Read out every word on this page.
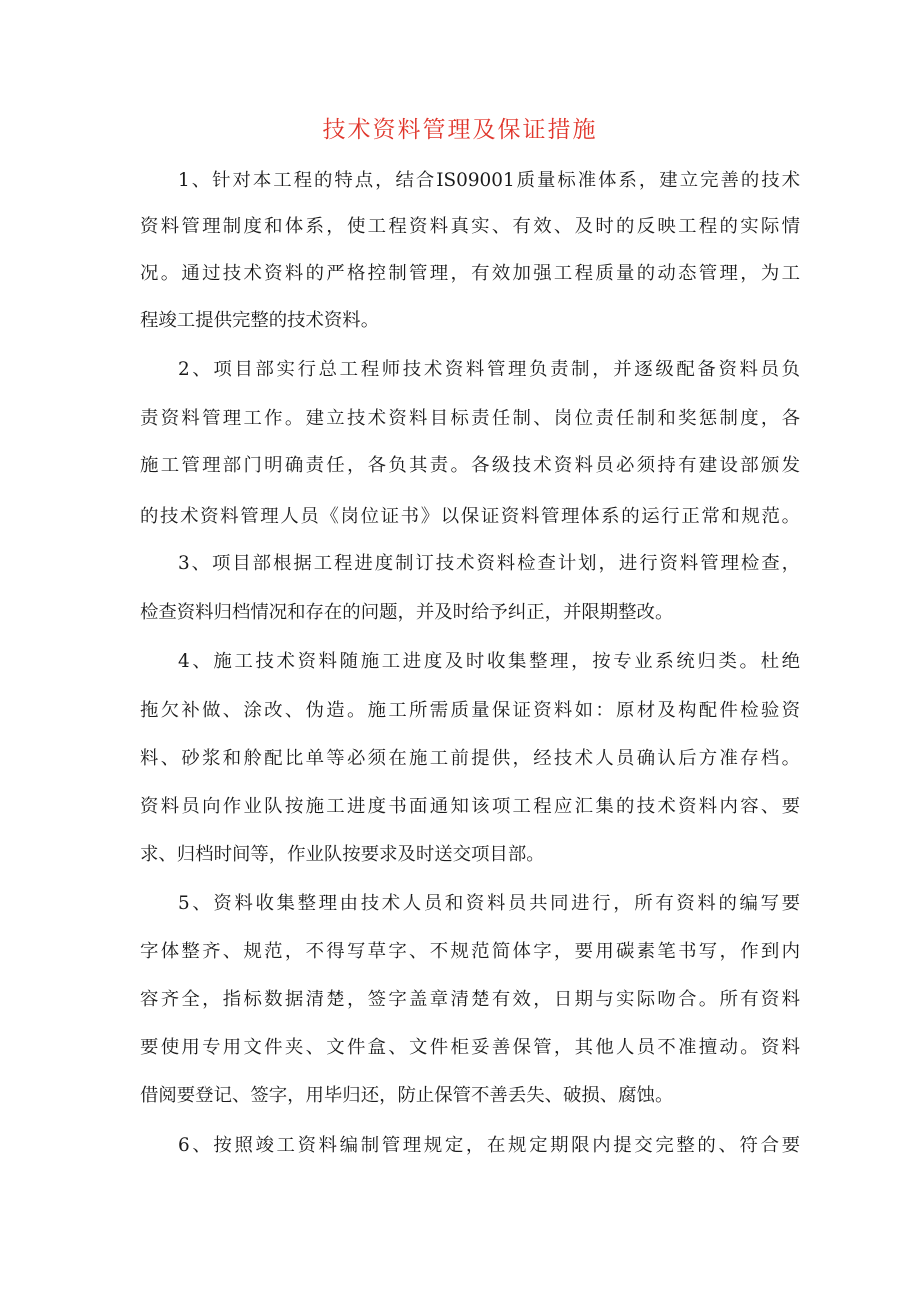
技术资料管理及保证措施
1、针对本工程的特点，结合IS09001质量标准体系，建立完善的技术
资料管理制度和体系，使工程资料真实、有效、及时的反映工程的实际情
况。通过技术资料的严格控制管理，有效加强工程质量的动态管理，为工
程竣工提供完整的技术资料。
2、项目部实行总工程师技术资料管理负责制，并逐级配备资料员负
责资料管理工作。建立技术资料目标责任制、岗位责任制和奖惩制度，各
施工管理部门明确责任，各负其责。各级技术资料员必须持有建设部颁发
的技术资料管理人员《岗位证书》以保证资料管理体系的运行正常和规范。
3、项目部根据工程进度制订技术资料检查计划，进行资料管理检查，
检查资料归档情况和存在的问题，并及时给予纠正，并限期整改。
4、施工技术资料随施工进度及时收集整理，按专业系统归类。杜绝
拖欠补做、涂改、伪造。施工所需质量保证资料如：原材及构配件检验资
料、砂浆和舲配比单等必须在施工前提供，经技术人员确认后方准存档。
资料员向作业队按施工进度书面通知该项工程应汇集的技术资料内容、要
求、归档时间等，作业队按要求及时送交项目部。
5、资料收集整理由技术人员和资料员共同进行，所有资料的编写要
字体整齐、规范，不得写草字、不规范简体字，要用碳素笔书写，作到内
容齐全，指标数据清楚，签字盖章清楚有效，日期与实际吻合。所有资料
要使用专用文件夹、文件盒、文件柜妥善保管，其他人员不准擅动。资料
借阅要登记、签字，用毕归还，防止保管不善丢失、破损、腐蚀。
6、按照竣工资料编制管理规定，在规定期限内提交完整的、符合要
